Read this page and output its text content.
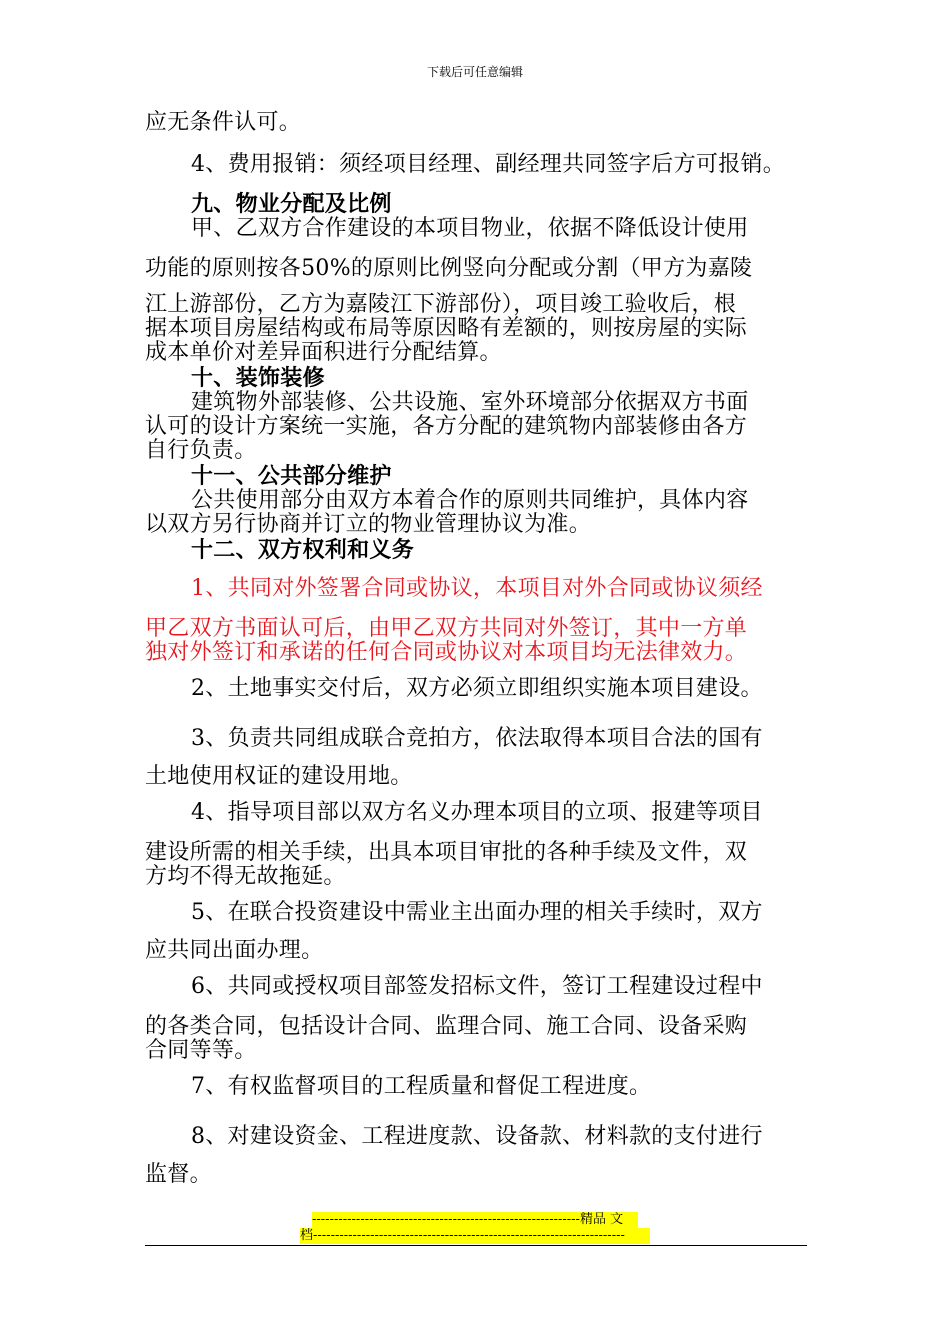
下载后可任意编辑
应无条件认可。
4、费用报销：须经项目经理、副经理共同签字后方可报销。
九、物业分配及比例
甲、乙双方合作建设的本项目物业，依据不降低设计使用
功能的原则按各50%的原则比例竖向分配或分割（甲方为嘉陵
江上游部份，乙方为嘉陵江下游部份），项目竣工验收后，根
据本项目房屋结构或布局等原因略有差额的，则按房屋的实际
成本单价对差异面积进行分配结算。
十、装饰装修
建筑物外部装修、公共设施、室外环境部分依据双方书面
认可的设计方案统一实施，各方分配的建筑物内部装修由各方
自行负责。
十一、公共部分维护
公共使用部分由双方本着合作的原则共同维护，具体内容
以双方另行协商并订立的物业管理协议为准。
十二、双方权利和义务
1、共同对外签署合同或协议，本项目对外合同或协议须经
甲乙双方书面认可后，由甲乙双方共同对外签订，其中一方单
独对外签订和承诺的任何合同或协议对本项目均无法律效力。
2、土地事实交付后，双方必须立即组织实施本项目建设。
3、负责共同组成联合竞拍方，依法取得本项目合法的国有
土地使用权证的建设用地。
4、指导项目部以双方名义办理本项目的立项、报建等项目
建设所需的相关手续，出具本项目审批的各种手续及文件，双
方均不得无故拖延。
5、在联合投资建设中需业主出面办理的相关手续时，双方
应共同出面办理。
6、共同或授权项目部签发招标文件，签订工程建设过程中
的各类合同，包括设计合同、监理合同、施工合同、设备采购
合同等等。
7、有权监督项目的工程质量和督促工程进度。
8、对建设资金、工程进度款、设备款、材料款的支付进行
监督。
-------------------------------------------------------------精品 文
档-----------------------------------------------------------------------
